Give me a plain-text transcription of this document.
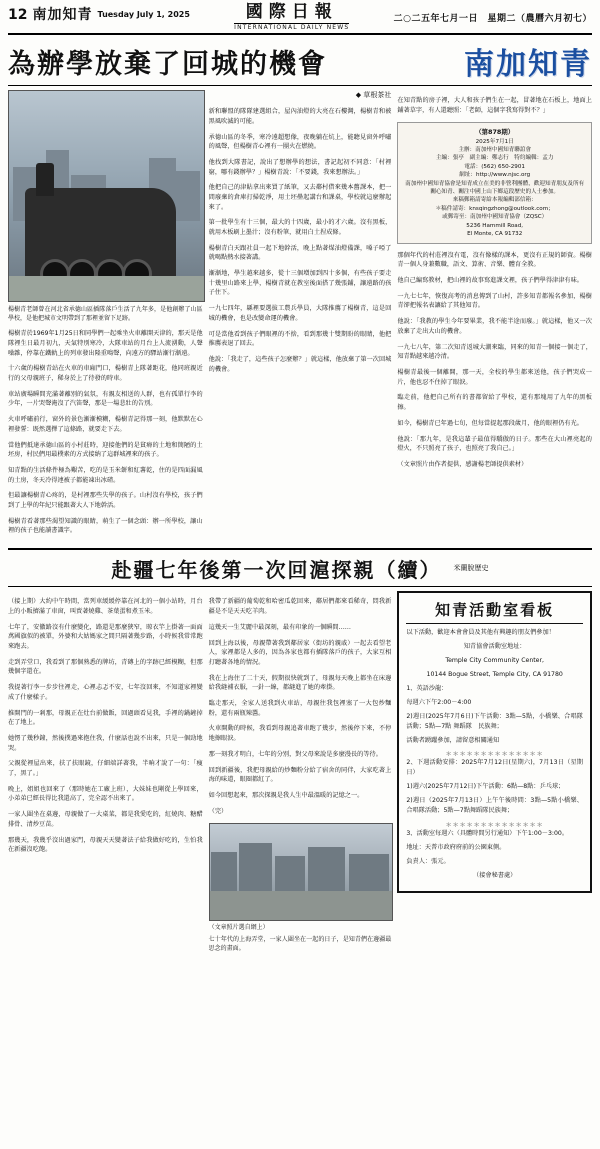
12 南加知青 Tuesday July 1, 2025	國際日報
INTERNATIONAL DAILY NEWS
二○二五年七月一日　星期二（農曆六月初七）
為辦學放棄了回城的機會	南加知青
楊樹青老師曾在河北省承德山區插隊落戶生活了九年多，是他創辦了山區學校，是他把城市文明帶到了那裡並留下足跡。

楊樹青於1969年1月25日和同學們一起乘坐火車離開天津的，那天是他隊裡生日最月初九，天氣特別寒冷，大隊車站的月台上人流湧動，人聲噪雜，停靠在鐵軌上的列車發出隆重鳴聲，向遠方的驛站漸行漸遠。

十六歲的楊樹青站在火車的車廂門口，楊樹青上隊著距花，他同班親近行的父母親班子，稀身於上了待發的時車。

車站廣場瞬間充滿著離別的氣氛，有親友相送的人群，也有孤單行李的少年，一片哭聲淹沒了汽笛聲，那是一場悲壯的告別。

火車呼嘯前行，窗外的景色漸漸模糊，楊樹青記得那一刻，他默默在心裡發誓：既然選擇了這條路，就要走下去。

當他們抵達承德山區的小村莊時，迎接他們的是貧瘠的土地和簡陋的土坯房，村民們用最樸素的方式接納了這群城裡來的孩子。

知青點的生活條件極為艱苦，吃的是玉米餅和紅薯乾，住的是四面漏風的土房，冬天冷得連被子都能凍出冰碴。

但最讓楊樹青心疼的，是村裡那些失學的孩子。山村沒有學校，孩子們到了上學的年紀只能跟著大人下地幹活。

楊樹青看著那些渴望知識的眼睛，萌生了一個念頭：辦一所學校，讓山裡的孩子也能讀書識字。

◆ 草根茶社

新和聯盟的隊隊建選組合，屋內油燈的大亮在石樓灣，楊樹青和被黑風吹滅的可能。

承德山區的冬季，寒冷遠超想像，夜晚躺在炕上，能聽見窗外呼嘯的風聲，但楊樹青心裡有一團火在燃燒。

他找到大隊書記，說出了想辦學的想法，書記起初不同意：「村裡窮，哪有錢辦學？」楊樹青說：「不要錢，我來想辦法。」

他把自己的津貼拿出來買了紙筆，又去鄰村借來幾本舊課本，把一間廢棄的倉庫打掃乾淨，用土坯壘起講台和課桌，學校就這麼辦起來了。

第一批學生有十三個，最大的十四歲，最小的才六歲。沒有黑板，就用木板刷上墨汁；沒有粉筆，就用白土捏成條。

楊樹青白天跟社員一起下地幹活，晚上點著煤油燈備課，嗓子啞了就喝點熱水接著講。

漸漸地，學生越來越多，從十三個增加到四十多個，有些孩子要走十幾里山路來上學，楊樹青就在教室後面搭了幾張鋪，讓遠路的孩子住下。

一九七四年，縣裡要選拔工農兵學員，大隊推薦了楊樹青，這是回城的機會，也是改變命運的機會。

可是當他看到孩子們眼裡的不捨，看到那幾十雙期盼的眼睛，他把推薦表退了回去。

他說：「我走了，這些孩子怎麼辦？」就這樣，他放棄了第一次回城的機會。

在知青點的房子裡，大人和孩子們生在一起，冒著地在石板上，地面上鋪著草字，有人還聽照：「老師，這個字我寫得對不？」

（第878期）
2025年7月1日
主辦：南加州中國知青聯誼會
主編：張亭　副主編：鄭志行　特約編輯：孟力
電話：(562) 650-2901
網址：http://www.njsc.org
南加州中國知青協會是知青成立在美的非營利團體，歡迎知青朋友及所有關心知青、關注中國上山下鄉這段歷史的人士參加。
來稿郵箱請寄給本報編輯部信箱：
＊稿件請寄：knsqingzhong@outlook.com；
或郵寄至：南加州中國知青協會（ZQSC）
5236 Hammill Road,
El Monte, CA 91732

那個年代的村莊裡沒有電，沒有像樣的課本，更沒有正規的師資。楊樹青一個人身兼數職，語文、算術、音樂、體育全教。

他自己編寫教材，把山裡的故事寫進課文裡，孩子們學得津津有味。

一九七七年，恢復高考的消息傳到了山村，許多知青都報名參加，楊樹青卻把報名表讓給了其他知青。

他說：「我教的學生今年要畢業，我不能半途而廢。」就這樣，他又一次放棄了走出大山的機會。

一九七八年，第二次知青返城大潮來臨，同來的知青一個接一個走了，知青點越來越冷清。

楊樹青最後一個離開，那一天，全校的學生都來送他，孩子們哭成一片，他也忍不住掉了眼淚。

臨走前，他把自己所有的書都留給了學校，還有那塊用了九年的黑板擦。

如今，楊樹青已年過七旬，但每當提起那段歲月，他的眼裡仍有光。

他說：「那九年，是我這輩子最值得驕傲的日子。那些在大山裡亮起的燈火，不只照亮了孩子，也照亮了我自己。」

（文章照片由作者提供，感謝楊老師提供素材）

赴疆七年後第一次回滬探親（續） 米蘭脫歷史

（接上期）大約中午時間，當列車緩緩停靠在河北的一個小站時，月台上的小販擠滿了車窗，叫賣著燒雞、茶葉蛋和煮玉米。

七年了，安徽路沒有什麼變化，路還是那麼狹窄，晾衣竿上掛著一面面萬國旗似的被單，外婆和大姑媽家之間只隔著幾步路，小時候我常常跑來跑去。

走到弄堂口，我看到了那個熟悉的牌坊，青磚上的字跡已經模糊，但那幾個字還在。

我提著行李一步步往裡走，心裡忐忑不安，七年沒回來，不知道家裡變成了什麼樣子。

推開門的一剎那，母親正在灶台前做飯，回過頭看見我，手裡的鍋鏟掉在了地上。

她愣了幾秒鐘，然後撲過來抱住我，什麼話也說不出來，只是一個勁地哭。

父親從裡屋出來，扶了扶眼鏡，仔細端詳著我，半晌才說了一句：「瘦了，黑了。」

晚上，姐姐也回來了（那時她在工廠上班），大妹妹也剛從上學回來，小弟弟已經長得比我還高了，完全認不出來了。

一家人圍坐在桌邊，母親做了一大桌菜，都是我愛吃的，紅燒肉、糖醋排骨、清炒豆苗。

那幾天，我幾乎沒出過家門，母親天天變著法子給我做好吃的，生怕我在新疆沒吃飽。

我帶了新疆的葡萄乾和哈密瓜乾回來，鄰居們都來看稀奇，問我新疆是不是天天吃羊肉。

這幾天一生艾麗中最深刻，最有印象的一個瞬間……

回到上海以後，母親帶著我到鄰居家（街坊的親戚）一起去看望老人，家裡都是人多的，因為各家也都有插隊落戶的孩子，大家互相打聽著各地的情況。

我在上海住了二十天，假期很快就到了，母親每天晚上都坐在床邊給我縫補衣服，一針一線，都縫進了她的牽掛。

臨走那天，全家人送我到火車站，母親往我包裡塞了一大包炒麵粉，還有兩瓶辣醬。

火車開動的時候，我看到母親追著車跑了幾步，然後停下來，不停地擦眼淚。

那一刻我才明白，七年的分別，對父母來說是多麼漫長的等待。

回到新疆後，我把母親給的炒麵粉分給了宿舍的同伴，大家吃著上海的味道，眼圈都紅了。

如今回想起來，那次探親是我人生中最溫暖的記憶之一。

（完）

（文章照片選自網上）
七十年代的上海弄堂，一家人圍坐在一起的日子，是知青們在邊疆最思念的畫面。
知青活動室看板

以下活動，歡迎本會會員及其他有興趣的朋友們參加！

知青協會活動室地址：

Temple City Community Center,

10144 Bogue Street, Temple City, CA 91780

1、英語沙龍：

每週六下午2:00－4:00

2)週日(2025年7月6日)下午活動：3點—5點，小橋樂、合唱隊活動；5點—7點 舞蹈隊　民族舞；

活動者踴躍參加，請留意相關通知

＊＊＊＊＊＊＊＊＊＊＊＊＊＊

2、下週活動安排：2025年7月12日(星期六)，7月13日（星期日）

1)週六(2025年7月12日)下午活動：6點—8點：乒乓球；

2)週日（2025年7月13日）上午午後時間：3點—5點小橋樂、合唱隊活動；5點—7點舞蹈隊民族舞；

＊＊＊＊＊＊＊＊＊＊＊＊＊＊

3、活動室每週六（具體時間另行通知）下午1:00－3:00。

地址：天普市政府府前的公園東側。

負責人：張元。

（接會秘書處）
